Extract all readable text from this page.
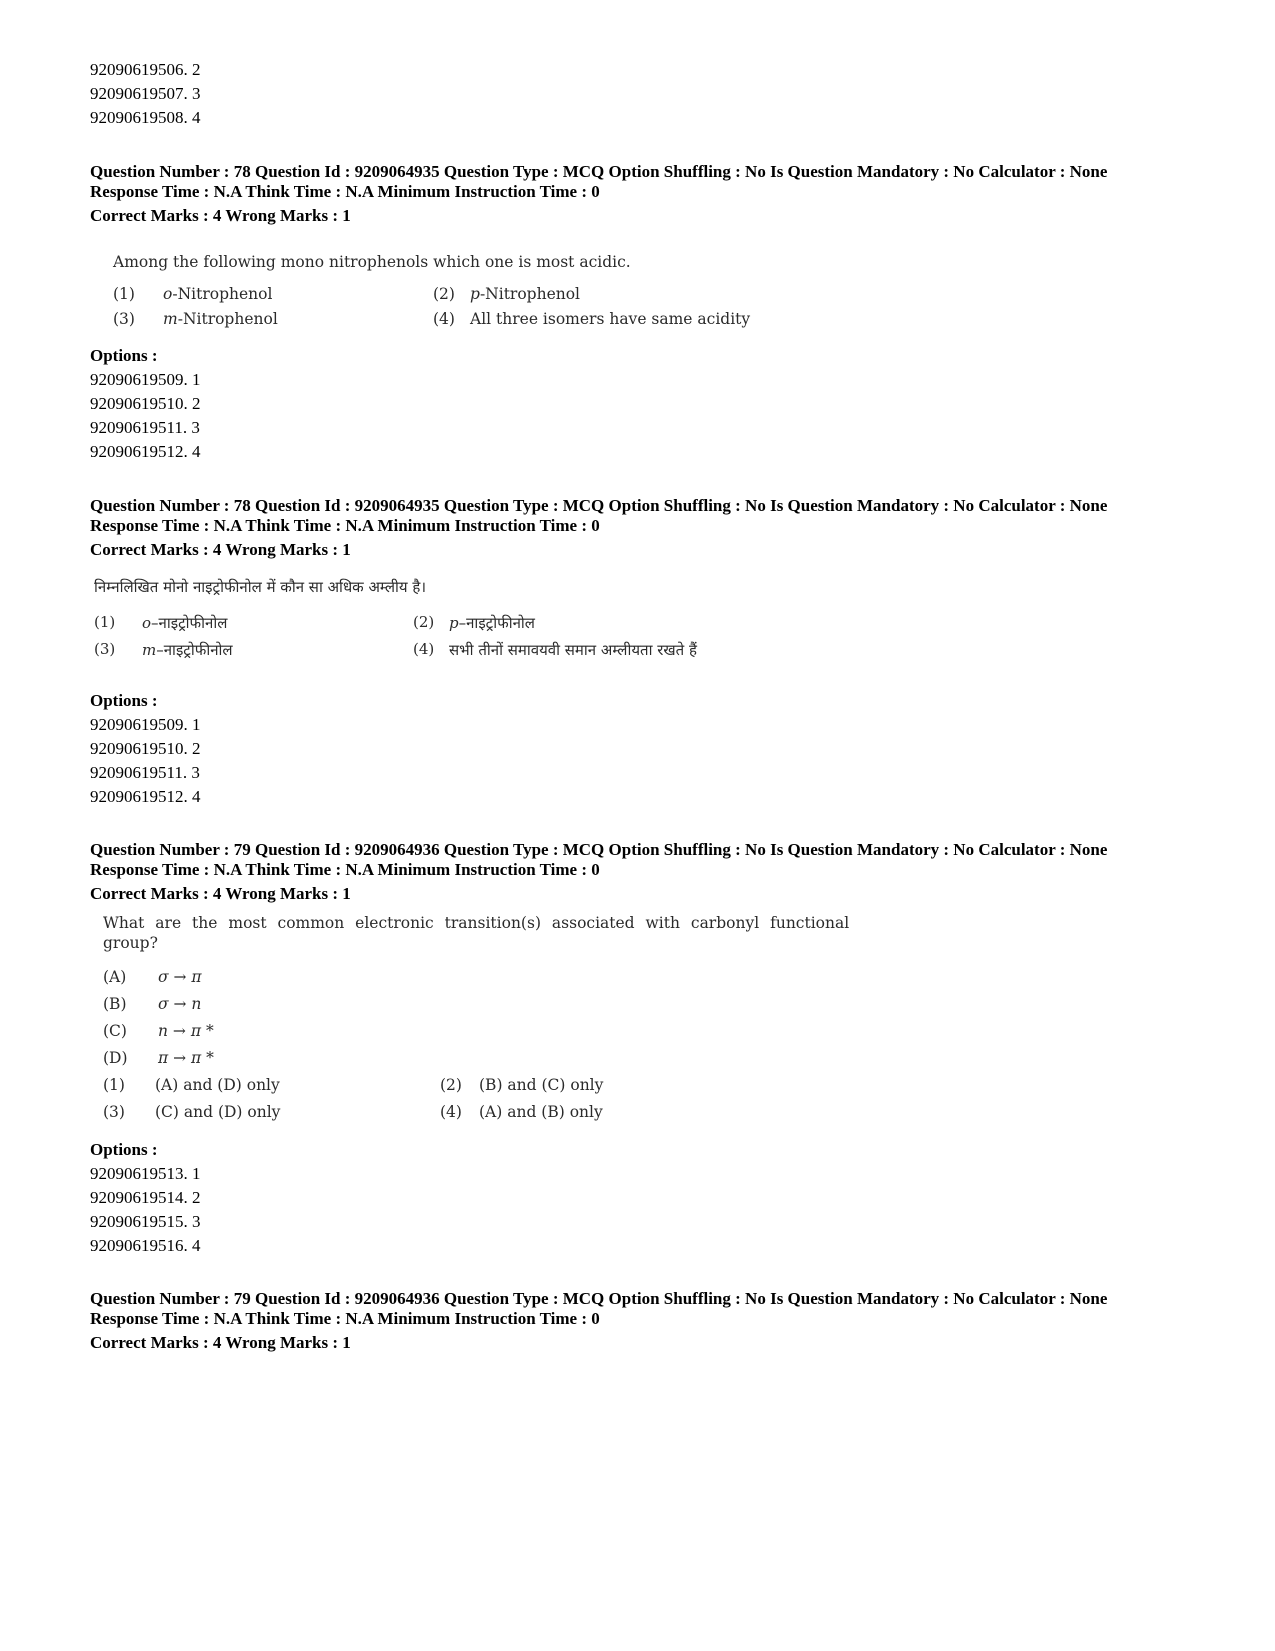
92090619506. 2
92090619507. 3
92090619508. 4
Question Number : 78 Question Id : 9209064935 Question Type : MCQ Option Shuffling : No Is Question Mandatory : No Calculator : None
Response Time : N.A Think Time : N.A Minimum Instruction Time : 0
Correct Marks : 4 Wrong Marks : 1
Among the following mono nitrophenols which one is most acidic.
(1) o-Nitrophenol	(2) p-Nitrophenol
(3) m-Nitrophenol	(4) All three isomers have same acidity
Options :
92090619509. 1
92090619510. 2
92090619511. 3
92090619512. 4
Question Number : 78 Question Id : 9209064935 Question Type : MCQ Option Shuffling : No Is Question Mandatory : No Calculator : None
Response Time : N.A Think Time : N.A Minimum Instruction Time : 0
Correct Marks : 4 Wrong Marks : 1
निम्नलिखित मोनो नाइट्रोफीनोल में कौन सा अधिक अम्लीय है।
(1) o–नाइट्रोफीनोल	(2) p–नाइट्रोफीनोल
(3) m–नाइट्रोफीनोल	(4) सभी तीनों समावयवी समान अम्लीयता रखते हैं
Options :
92090619509. 1
92090619510. 2
92090619511. 3
92090619512. 4
Question Number : 79 Question Id : 9209064936 Question Type : MCQ Option Shuffling : No Is Question Mandatory : No Calculator : None
Response Time : N.A Think Time : N.A Minimum Instruction Time : 0
Correct Marks : 4 Wrong Marks : 1
What are the most common electronic transition(s) associated with carbonyl functional
group?
(A) σ → π
(B) σ → n
(C) n → π *
(D) π → π *
(1) (A) and (D) only	(2) (B) and (C) only
(3) (C) and (D) only	(4) (A) and (B) only
Options :
92090619513. 1
92090619514. 2
92090619515. 3
92090619516. 4
Question Number : 79 Question Id : 9209064936 Question Type : MCQ Option Shuffling : No Is Question Mandatory : No Calculator : None
Response Time : N.A Think Time : N.A Minimum Instruction Time : 0
Correct Marks : 4 Wrong Marks : 1
